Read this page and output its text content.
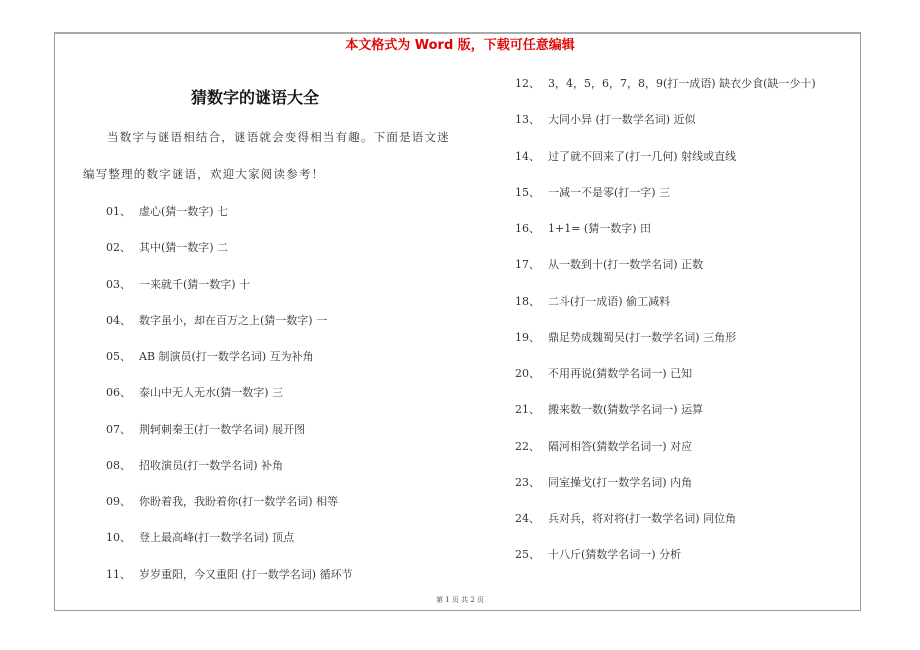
本文格式为 Word 版，下载可任意编辑
猜数字的谜语大全
当数字与谜语相结合，谜语就会变得相当有趣。下面是语文迷
编写整理的数字谜语，欢迎大家阅读参考！
01、 虚心(猜一数字) 七
02、 其中(猜一数字) 二
03、 一来就千(猜一数字) 十
04、 数字虽小，却在百万之上(猜一数字) 一
05、 AB 制演员(打一数学名词) 互为补角
06、 泰山中无人无水(猜一数字) 三
07、 荆轲刺秦王(打一数学名词) 展开图
08、 招收演员(打一数学名词) 补角
09、 你盼着我，我盼着你(打一数学名词) 相等
10、 登上最高峰(打一数学名词) 顶点
11、 岁岁重阳，今又重阳 (打一数学名词) 循环节
12、 3，4，5，6，7，8，9(打一成语) 缺衣少食(缺一少十)
13、 大同小异 (打一数学名词) 近似
14、 过了就不回来了(打一几何) 射线或直线
15、 一减一不是零(打一字) 三
16、 1+1= (猜一数字) 田
17、 从一数到十(打一数学名词) 正数
18、 二斗(打一成语) 偷工减料
19、 鼎足势成魏蜀吴(打一数学名词) 三角形
20、 不用再说(猜数学名词一) 已知
21、 搬来数一数(猜数学名词一) 运算
22、 隔河相答(猜数学名词一) 对应
23、 同室操戈(打一数学名词) 内角
24、 兵对兵，将对将(打一数学名词) 同位角
25、 十八斤(猜数学名词一) 分析
第 1 页 共 2 页
